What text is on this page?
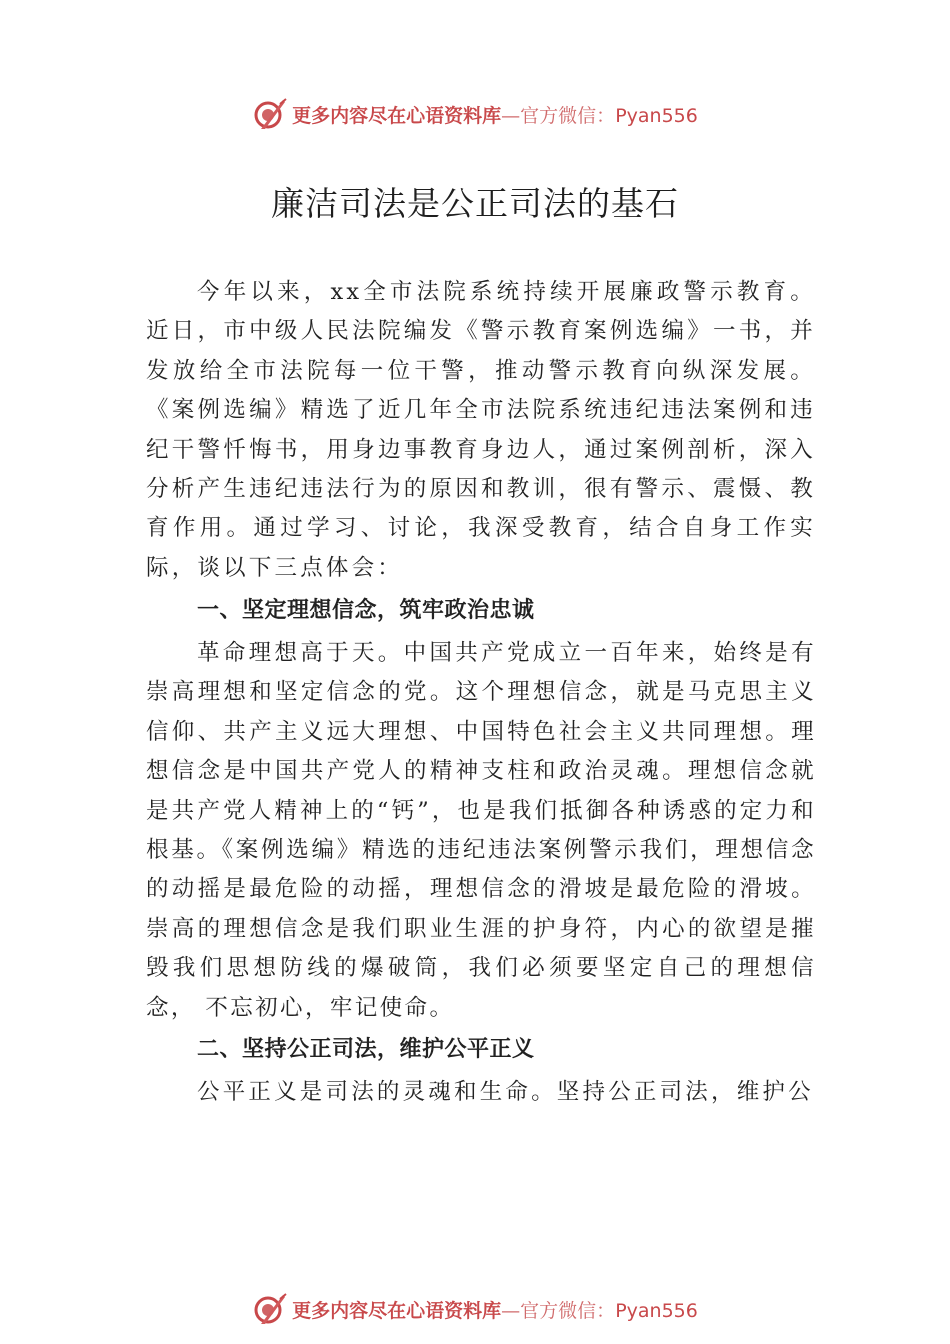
更多内容尽在心语资料库—官方微信：Pyan556
廉洁司法是公正司法的基石

今年以来，xx全市法院系统持续开展廉政警示教育。近日，市中级人民法院编发《警示教育案例选编》一书，并发放给全市法院每一位干警，推动警示教育向纵深发展。《案例选编》精选了近几年全市法院系统违纪违法案例和违纪干警忏悔书，用身边事教育身边人，通过案例剖析，深入分析产生违纪违法行为的原因和教训，很有警示、震慑、教育作用。通过学习、讨论，我深受教育，结合自身工作实际，谈以下三点体会：

一、坚定理想信念，筑牢政治忠诚

革命理想高于天。中国共产党成立一百年来，始终是有崇高理想和坚定信念的党。这个理想信念，就是马克思主义信仰、共产主义远大理想、中国特色社会主义共同理想。理想信念是中国共产党人的精神支柱和政治灵魂。理想信念就是共产党人精神上的“钙”，也是我们抵御各种诱惑的定力和 根基。《案例选编》精选的违纪违法案例警示我们，理想信念的动摇是最危险的动摇，理想信念的滑坡是最危险的滑坡。崇高的理想信念是我们职业生涯的护身符，内心的欲望是摧 毁我们思想防线的爆破筒，我们必须要坚定自己的理想信念， 不忘初心，牢记使命。

二、坚持公正司法，维护公平正义

公平正义是司法的灵魂和生命。坚持公正司法，维护公

更多内容尽在心语资料库—官方微信：Pyan556
